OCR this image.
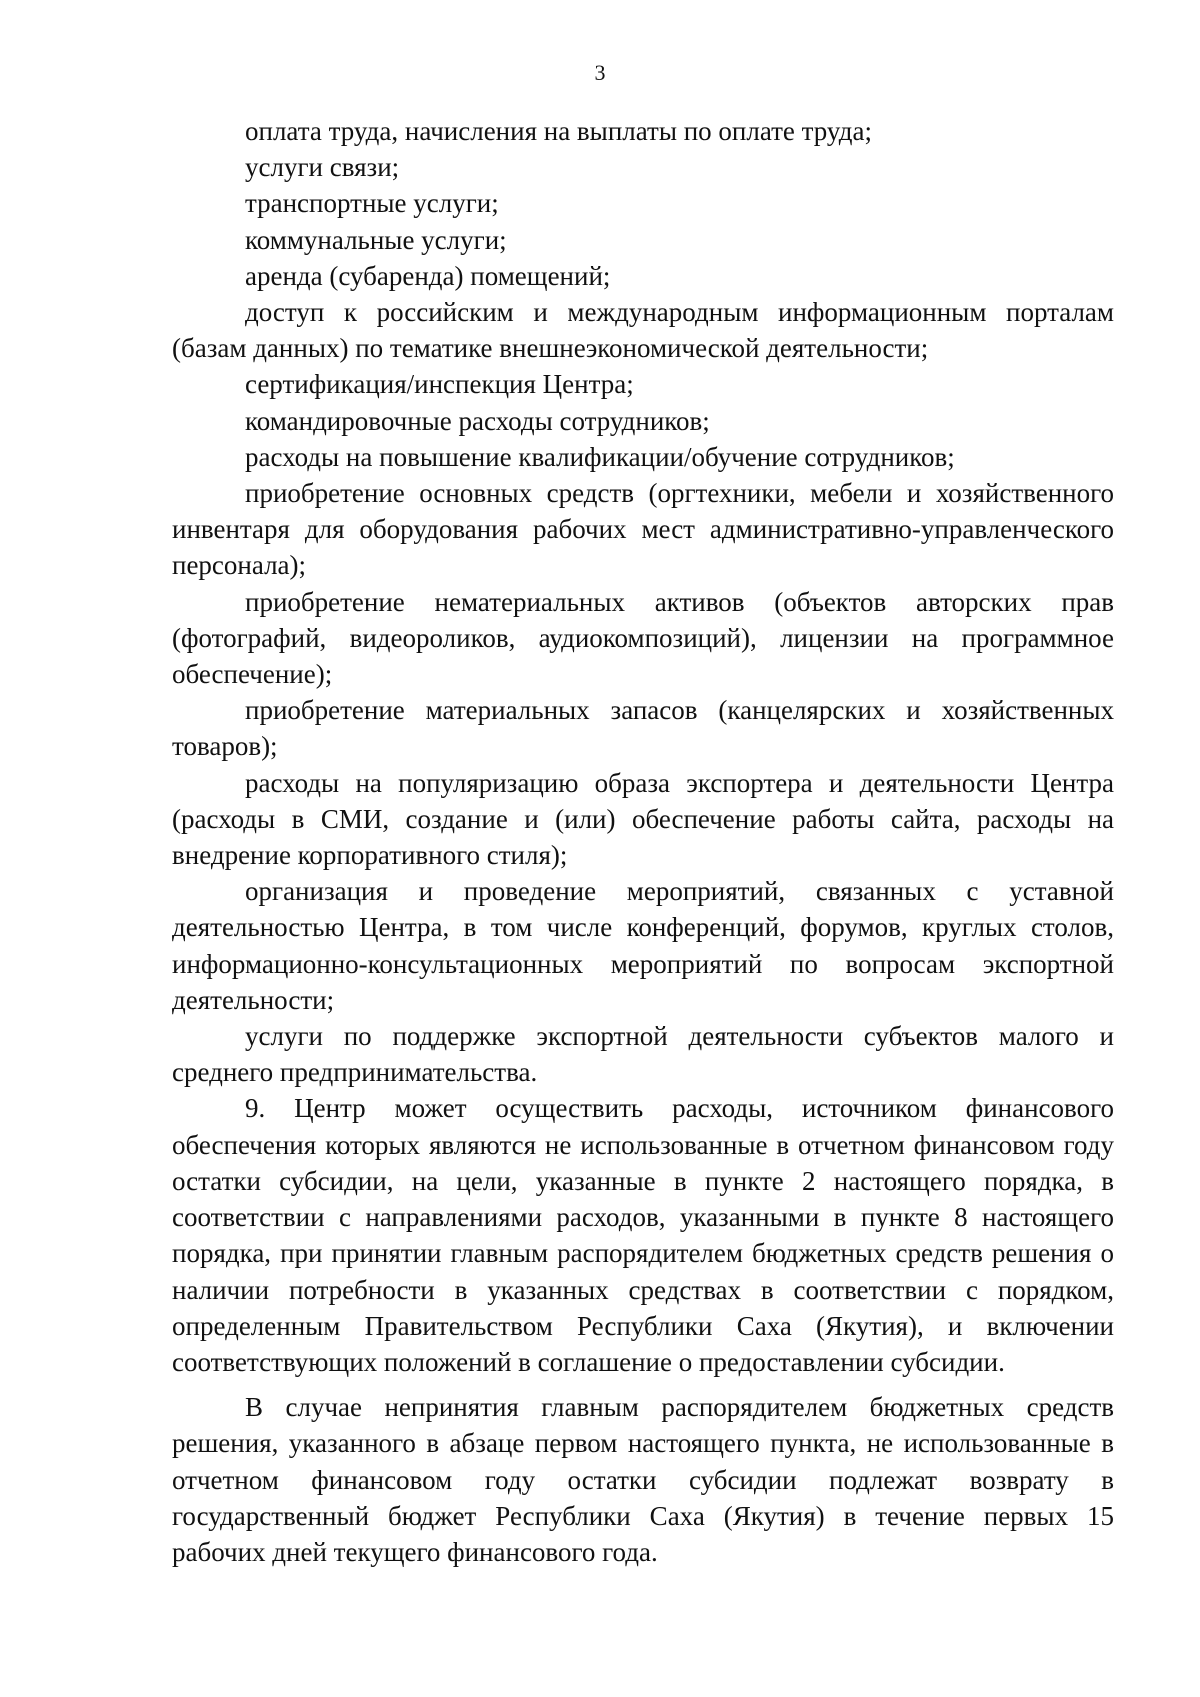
3

оплата труда, начисления на выплаты по оплате труда;

услуги связи;

транспортные услуги;

коммунальные услуги;

аренда (субаренда) помещений;

доступ к российским и международным информационным порталам (базам данных) по тематике внешнеэкономической деятельности;

сертификация/инспекция Центра;

командировочные расходы сотрудников;

расходы на повышение квалификации/обучение сотрудников;

приобретение основных средств (оргтехники, мебели и хозяйственного инвентаря для оборудования рабочих мест административно-управленческого персонала);

приобретение нематериальных активов (объектов авторских прав (фотографий, видеороликов, аудиокомпозиций), лицензии на программное обеспечение);

приобретение материальных запасов (канцелярских и хозяйственных товаров);

расходы на популяризацию образа экспортера и деятельности Центра (расходы в СМИ, создание и (или) обеспечение работы сайта, расходы на внедрение корпоративного стиля);

организация и проведение мероприятий, связанных с уставной деятельностью Центра, в том числе конференций, форумов, круглых столов, информационно-консультационных мероприятий по вопросам экспортной деятельности;

услуги по поддержке экспортной деятельности субъектов малого и среднего предпринимательства.

9. Центр может осуществить расходы, источником финансового обеспечения которых являются не использованные в отчетном финансовом году остатки субсидии, на цели, указанные в пункте 2 настоящего порядка, в соответствии с направлениями расходов, указанными в пункте 8 настоящего порядка, при принятии главным распорядителем бюджетных средств решения о наличии потребности в указанных средствах в соответствии с порядком, определенным Правительством Республики Саха (Якутия), и включении соответствующих положений в соглашение о предоставлении субсидии.

В случае непринятия главным распорядителем бюджетных средств решения, указанного в абзаце первом настоящего пункта, не использованные в отчетном финансовом году остатки субсидии подлежат возврату в государственный бюджет Республики Саха (Якутия) в течение первых 15 рабочих дней текущего финансового года.
